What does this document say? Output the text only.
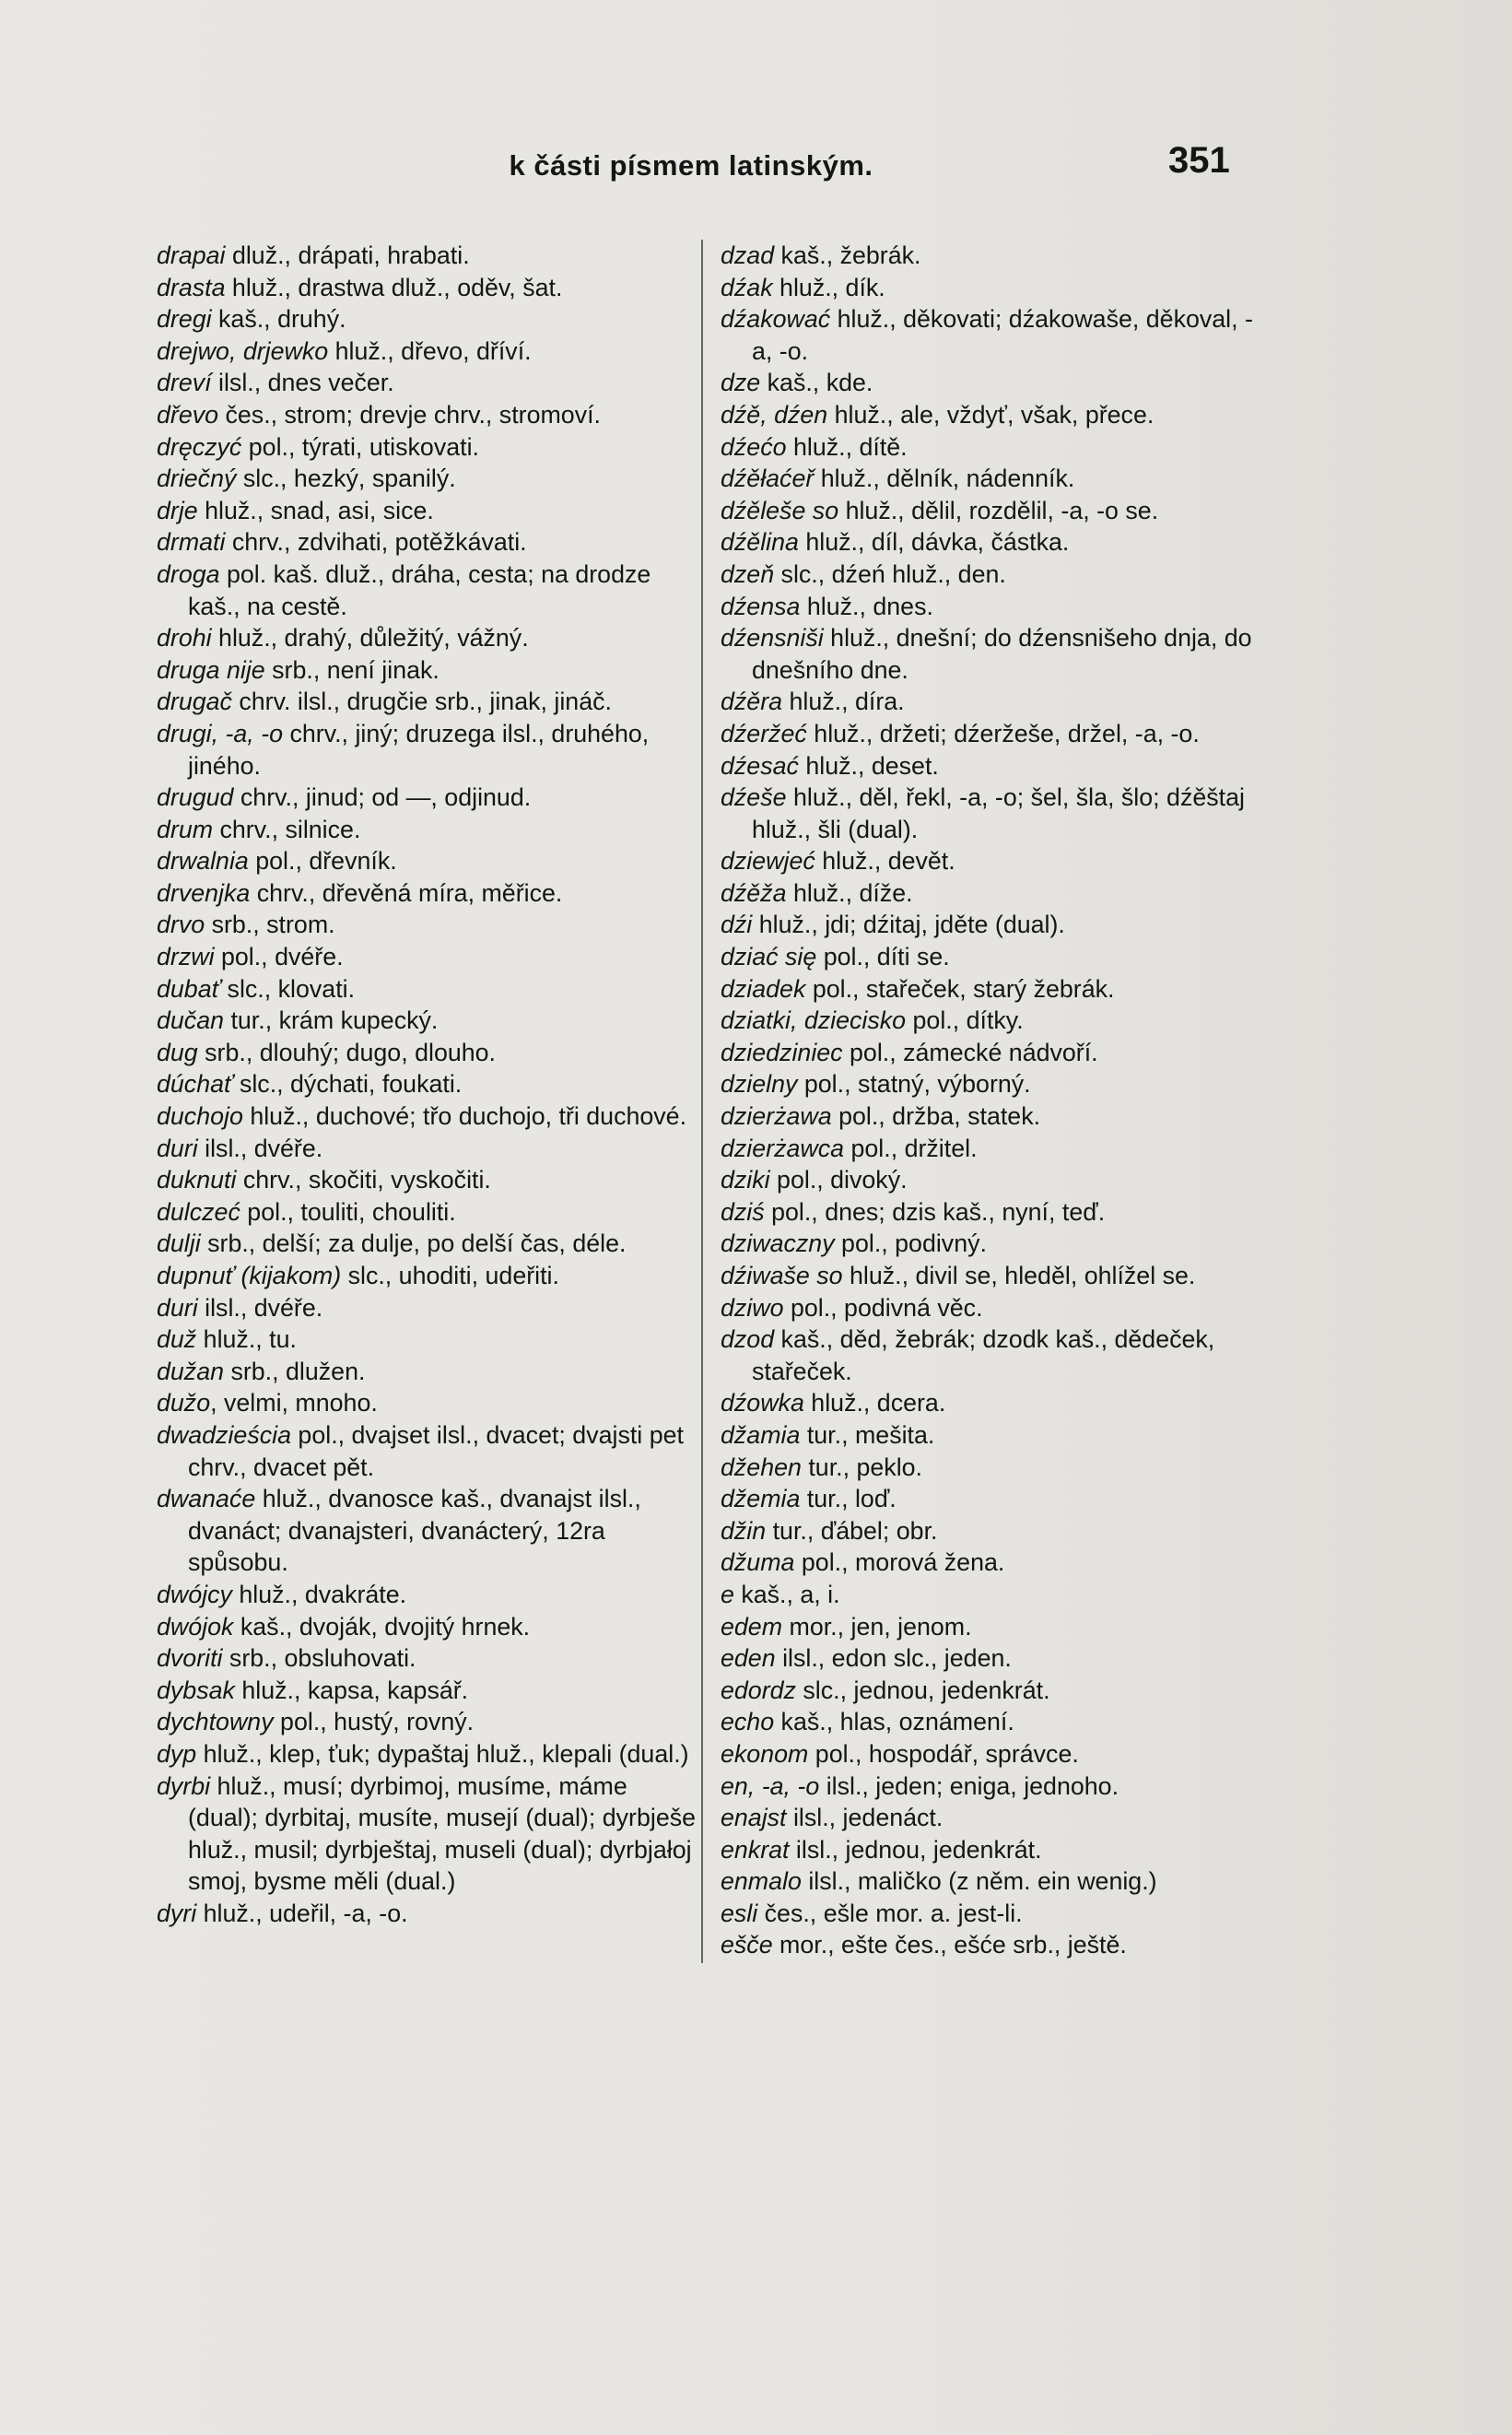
k části písmem latinským.	351

drapai dluž., drápati, hrabati.

drasta hluž., drastwa dluž., oděv, šat.

dregi kaš., druhý.

drejwo, drjewko hluž., dřevo, dříví.

dreví ilsl., dnes večer.

dřevo čes., strom; drevje chrv., stromoví.

dręczyć pol., týrati, utiskovati.

driečný slc., hezký, spanilý.

drje hluž., snad, asi, sice.

drmati chrv., zdvihati, potěžkávati.

droga pol. kaš. dluž., dráha, cesta; na drodze kaš., na cestě.

drohi hluž., drahý, důležitý, vážný.

druga nije srb., není jinak.

drugač chrv. ilsl., drugčie srb., jinak, jináč.

drugi, -a, -o chrv., jiný; druzega ilsl., druhého, jiného.

drugud chrv., jinud; od —, odjinud.

drum chrv., silnice.

drwalnia pol., dřevník.

drvenjka chrv., dřevěná míra, měřice.

drvo srb., strom.

drzwi pol., dvéře.

dubať slc., klovati.

dučan tur., krám kupecký.

dug srb., dlouhý; dugo, dlouho.

dúchať slc., dýchati, foukati.

duchojo hluž., duchové; třo duchojo, tři duchové.

duri ilsl., dvéře.

duknuti chrv., skočiti, vyskočiti.

dulczeć pol., touliti, chouliti.

dulji srb., delší; za dulje, po delší čas, déle.

dupnuť (kijakom) slc., uhoditi, udeřiti.

duri ilsl., dvéře.

duž hluž., tu.

dužan srb., dlužen.

dužo, velmi, mnoho.

dwadzieścia pol., dvajset ilsl., dvacet; dvajsti pet chrv., dvacet pět.

dwanaće hluž., dvanosce kaš., dvanajst ilsl., dvanáct; dvanajsteri, dvanácterý, 12ra spůsobu.

dwójcy hluž., dvakráte.

dwójok kaš., dvoják, dvojitý hrnek.

dvoriti srb., obsluhovati.

dybsak hluž., kapsa, kapsář.

dychtowny pol., hustý, rovný.

dyp hluž., klep, ťuk; dypaštaj hluž., klepali (dual.)

dyrbi hluž., musí; dyrbimoj, musíme, máme (dual); dyrbitaj, musíte, musejí (dual); dyrbješe hluž., musil; dyrbještaj, museli (dual); dyrbjałoj smoj, bysme měli (dual.)

dyri hluž., udeřil, -a, -o.

dzad kaš., žebrák.

dźak hluž., dík.

dźakować hluž., děkovati; dźakowaše, děkoval, -a, -o.

dze kaš., kde.

dźě, dźen hluž., ale, vždyť, však, přece.

dźećo hluž., dítě.

dźěłaćeř hluž., dělník, nádenník.

dźěleše so hluž., dělil, rozdělil, -a, -o se.

dźělina hluž., díl, dávka, částka.

dzeň slc., dźeń hluž., den.

dźensa hluž., dnes.

dźensniši hluž., dnešní; do dźensnišeho dnja, do dnešního dne.

dźěra hluž., díra.

dźeržeć hluž., držeti; dźeržeše, držel, -a, -o.

dźesać hluž., deset.

dźeše hluž., děl, řekl, -a, -o; šel, šla, šlo; dźěštaj hluž., šli (dual).

dziewjeć hluž., devět.

dźěža hluž., díže.

dźi hluž., jdi; dźitaj, jděte (dual).

dziać się pol., díti se.

dziadek pol., stařeček, starý žebrák.

dziatki, dziecisko pol., dítky.

dziedziniec pol., zámecké nádvoří.

dzielny pol., statný, výborný.

dzierżawa pol., držba, statek.

dzierżawca pol., držitel.

dziki pol., divoký.

dziś pol., dnes; dzis kaš., nyní, teď.

dziwaczny pol., podivný.

dźiwaše so hluž., divil se, hleděl, ohlížel se.

dziwo pol., podivná věc.

dzod kaš., děd, žebrák; dzodk kaš., dědeček, stařeček.

dźowka hluž., dcera.

džamia tur., mešita.

džehen tur., peklo.

džemia tur., loď.

džin tur., ďábel; obr.

džuma pol., morová žena.

e kaš., a, i.

edem mor., jen, jenom.

eden ilsl., edon slc., jeden.

edordz slc., jednou, jedenkrát.

echo kaš., hlas, oznámení.

ekonom pol., hospodář, správce.

en, -a, -o ilsl., jeden; eniga, jednoho.

enajst ilsl., jedenáct.

enkrat ilsl., jednou, jedenkrát.

enmalo ilsl., maličko (z něm. ein wenig.)

esli čes., ešle mor. a. jest-li.

ešče mor., ešte čes., ešće srb., ještě.
